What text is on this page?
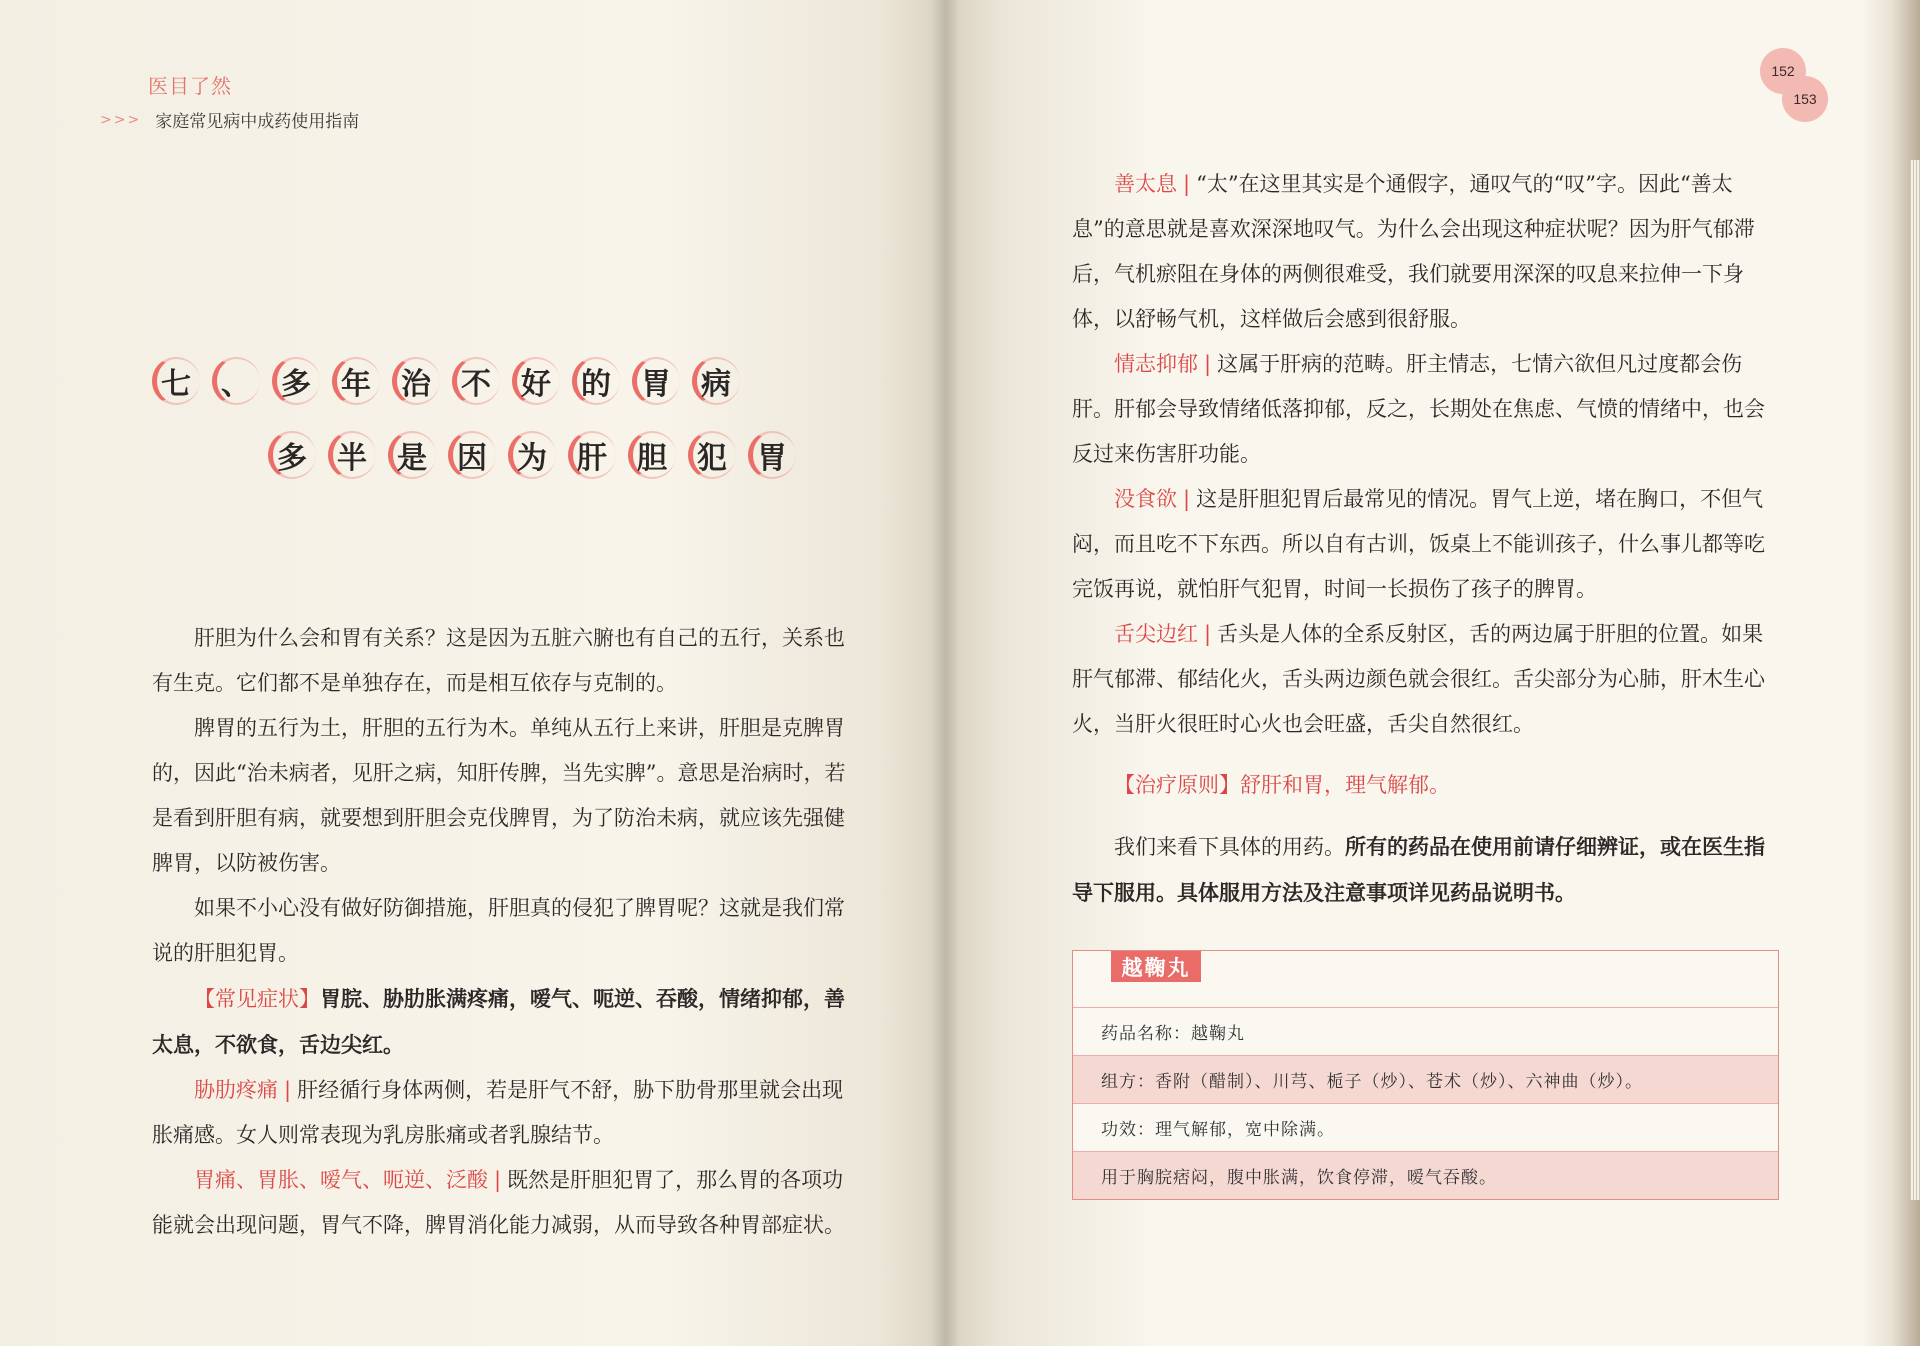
医目了然
>>> 家庭常见病中成药使用指南
七 、 多 年 治 不 好 的 胃 病
多 半 是 因 为 肝 胆 犯 胃

肝胆为什么会和胃有关系？这是因为五脏六腑也有自己的五行，关系也有生克。它们都不是单独存在，而是相互依存与克制的。

脾胃的五行为土，肝胆的五行为木。单纯从五行上来讲，肝胆是克脾胃的，因此“治未病者，见肝之病，知肝传脾，当先实脾”。意思是治病时，若是看到肝胆有病，就要想到肝胆会克伐脾胃，为了防治未病，就应该先强健脾胃，以防被伤害。

如果不小心没有做好防御措施，肝胆真的侵犯了脾胃呢？这就是我们常说的肝胆犯胃。

【常见症状】胃脘、胁肋胀满疼痛，嗳气、呃逆、吞酸，情绪抑郁，善太息，不欲食，舌边尖红。

胁肋疼痛 | 肝经循行身体两侧，若是肝气不舒，胁下肋骨那里就会出现胀痛感。女人则常表现为乳房胀痛或者乳腺结节。

胃痛、胃胀、嗳气、呃逆、泛酸 | 既然是肝胆犯胃了，那么胃的各项功能就会出现问题，胃气不降，脾胃消化能力减弱，从而导致各种胃部症状。

152
153

善太息 | “太”在这里其实是个通假字，通叹气的“叹”字。因此“善太息”的意思就是喜欢深深地叹气。为什么会出现这种症状呢？因为肝气郁滞后，气机瘀阻在身体的两侧很难受，我们就要用深深的叹息来拉伸一下身体，以舒畅气机，这样做后会感到很舒服。

情志抑郁 | 这属于肝病的范畴。肝主情志，七情六欲但凡过度都会伤肝。肝郁会导致情绪低落抑郁，反之，长期处在焦虑、气愤的情绪中，也会反过来伤害肝功能。

没食欲 | 这是肝胆犯胃后最常见的情况。胃气上逆，堵在胸口，不但气闷，而且吃不下东西。所以自有古训，饭桌上不能训孩子，什么事儿都等吃完饭再说，就怕肝气犯胃，时间一长损伤了孩子的脾胃。

舌尖边红 | 舌头是人体的全系反射区，舌的两边属于肝胆的位置。如果肝气郁滞、郁结化火，舌头两边颜色就会很红。舌尖部分为心肺，肝木生心火，当肝火很旺时心火也会旺盛，舌尖自然很红。

【治疗原则】舒肝和胃，理气解郁。

我们来看下具体的用药。所有的药品在使用前请仔细辨证，或在医生指导下服用。具体服用方法及注意事项详见药品说明书。

越鞠丸
药品名称：越鞠丸
组方：香附（醋制）、川芎、栀子（炒）、苍术（炒）、六神曲（炒）。
功效：理气解郁，宽中除满。
用于胸脘痞闷，腹中胀满，饮食停滞，嗳气吞酸。
